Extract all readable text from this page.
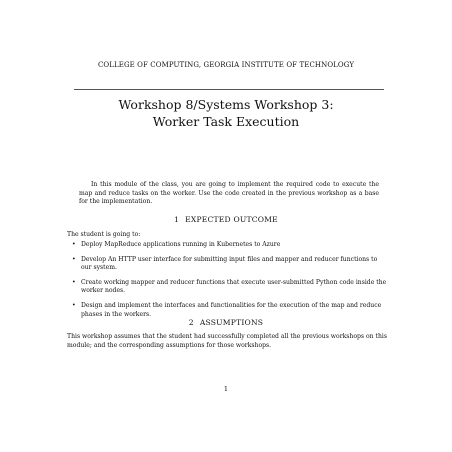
COLLEGE OF COMPUTING, GEORGIA INSTITUTE OF TECHNOLOGY
Workshop 8/Systems Workshop 3:
Worker Task Execution
In this module of the class, you are going to implement the required code to execute the map and reduce tasks on the worker. Use the code created in the previous workshop as a base for the implementation.
1 EXPECTED OUTCOME
The student is going to:
• Deploy MapReduce applications running in Kubernetes to Azure
• Develop An HTTP user interface for submitting input files and mapper and reducer functions to our system.
• Create working mapper and reducer functions that execute user-submitted Python code inside the worker nodes.
• Design and implement the interfaces and functionalities for the execution of the map and reduce phases in the workers.
2 ASSUMPTIONS
This workshop assumes that the student had successfully completed all the previous workshops on this module; and the corresponding assumptions for those workshops.
1
